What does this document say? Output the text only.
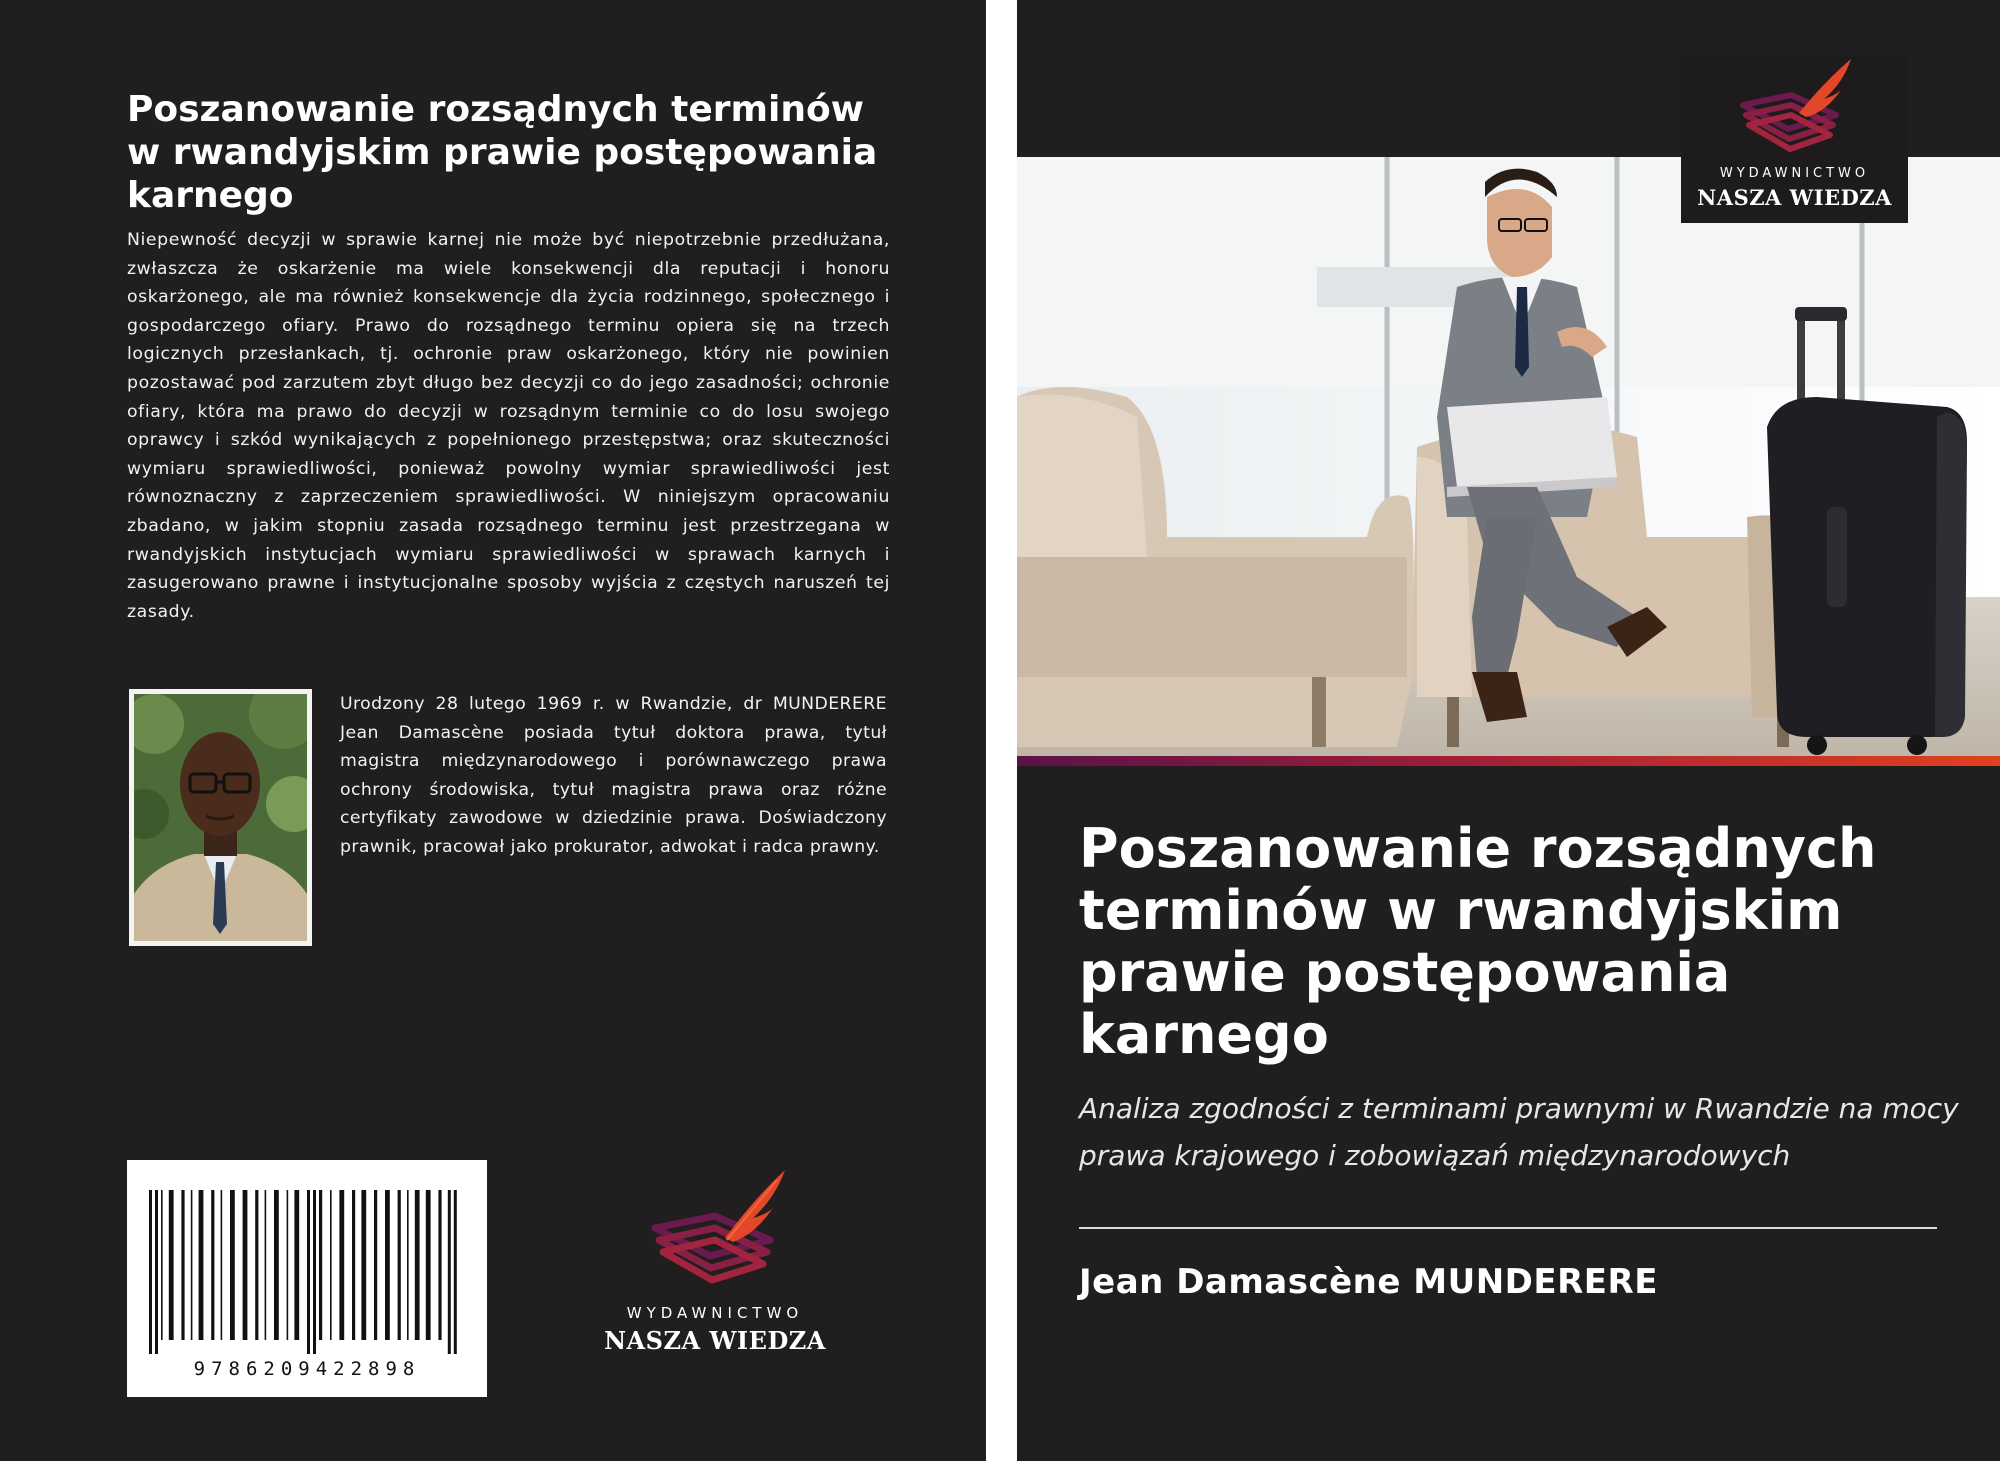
Poszanowanie rozsądnych terminów w rwandyjskim prawie postępowania karnego

Niepewność decyzji w sprawie karnej nie może być niepotrzebnie przedłużana, zwłaszcza że oskarżenie ma wiele konsekwencji dla reputacji i honoru oskarżonego, ale ma również konsekwencje dla życia rodzinnego, społecznego i gospodarczego ofiary. Prawo do rozsądnego terminu opiera się na trzech logicznych przesłankach, tj. ochronie praw oskarżonego, który nie powinien pozostawać pod zarzutem zbyt długo bez decyzji co do jego zasadności; ochronie ofiary, która ma prawo do decyzji w rozsądnym terminie co do losu swojego oprawcy i szkód wynikających z popełnionego przestępstwa; oraz skuteczności wymiaru sprawiedliwości, ponieważ powolny wymiar sprawiedliwości jest równoznaczny z zaprzeczeniem sprawiedliwości. W niniejszym opracowaniu zbadano, w jakim stopniu zasada rozsądnego terminu jest przestrzegana w rwandyjskich instytucjach wymiaru sprawiedliwości w sprawach karnych i zasugerowano prawne i instytucjonalne sposoby wyjścia z częstych naruszeń tej zasady.

Urodzony 28 lutego 1969 r. w Rwandzie, dr MUNDERERE Jean Damascène posiada tytuł doktora prawa, tytuł magistra międzynarodowego i porównawczego prawa ochrony środowiska, tytuł magistra prawa oraz różne certyfikaty zawodowe w dziedzinie prawa. Doświadczony prawnik, pracował jako prokurator, adwokat i radca prawny.

9786209422898
WYDAWNICTWO
NASZA WIEDZA
WYDAWNICTWO
NASZA WIEDZA
Poszanowanie rozsądnych terminów w rwandyjskim prawie postępowania karnego

Analiza zgodności z terminami prawnymi w Rwandzie na mocy prawa krajowego i zobowiązań międzynarodowych

Jean Damascène MUNDERERE
